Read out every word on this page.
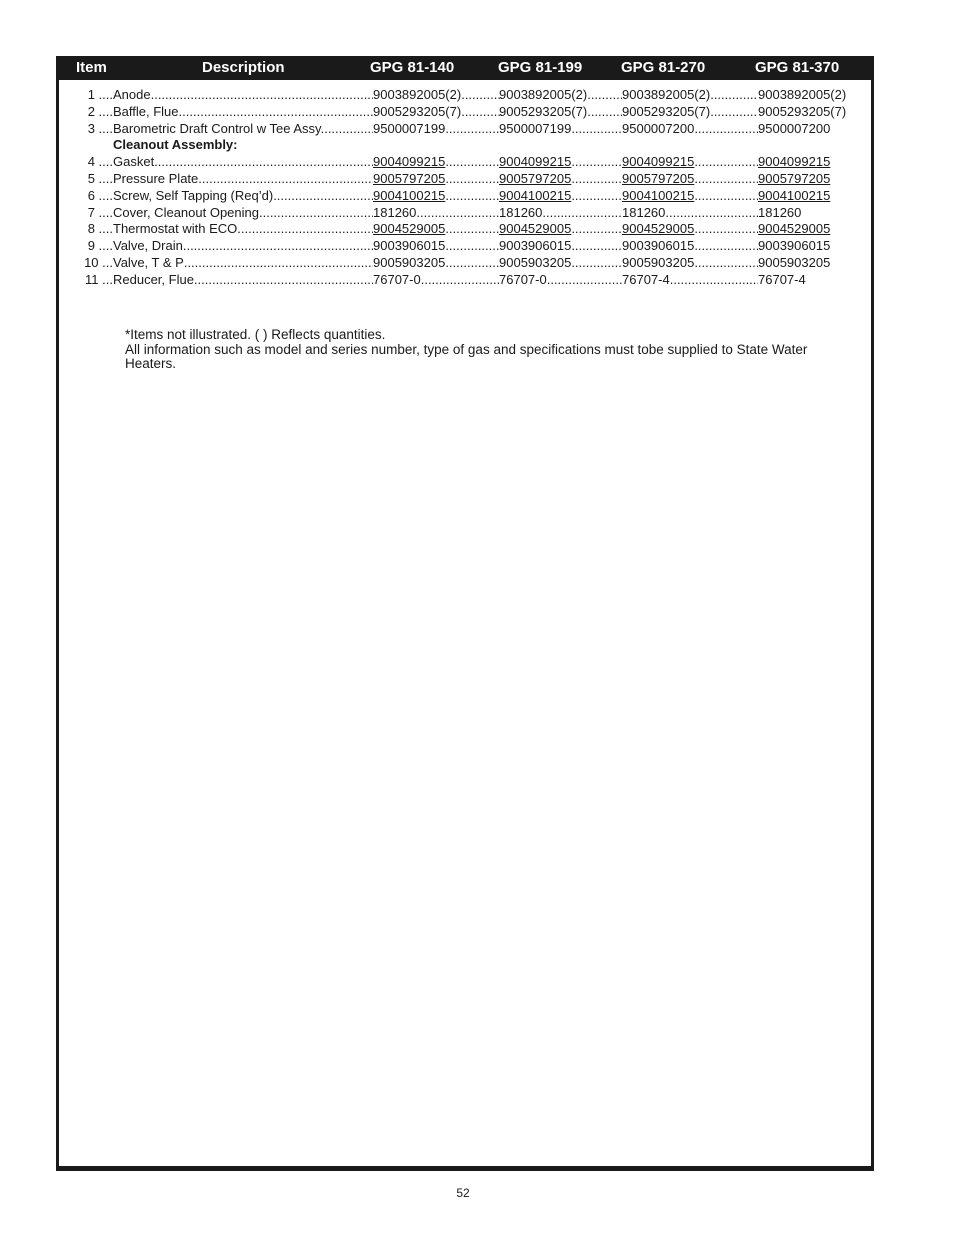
Item	Description	GPG 81-140	GPG 81-199	GPG 81-270	GPG 81-370
1 .... Anode .....	9003892005(2) .....	9003892005(2) .....	9003892005(2) .....	9003892005(2)
2 .... Baffle, Flue .....	9005293205(7) .....	9005293205(7) .....	9005293205(7) .....	9005293205(7)
3 .... Barometric Draft Control w Tee Assy. .....	9500007199 .....	9500007199 .....	9500007200 .....	9500007200
Cleanout Assembly:
4 .... Gasket .....	9004099215 .....	9004099215 .....	9004099215 .....	9004099215
5 .... Pressure Plate .....	9005797205 .....	9005797205 .....	9005797205 .....	9005797205
6 .... Screw, Self Tapping (Req’d) .....	9004100215 .....	9004100215 .....	9004100215 .....	9004100215
7 .... Cover, Cleanout Opening .....	181260 .....	181260 .....	181260 .....	181260
8 .... Thermostat with ECO .....	9004529005 .....	9004529005 .....	9004529005 .....	9004529005
9 .... Valve, Drain .....	9003906015 .....	9003906015 .....	9003906015 .....	9003906015
10 ... Valve, T & P .....	9005903205 .....	9005903205 .....	9005903205 .....	9005903205
11 ... Reducer, Flue .....	76707-0 .....	76707-0 .....	76707-4 .....	76707-4

*Items not illustrated. ( ) Reflects quantities.

All information such as model and series number, type of gas and specifications must tobe supplied to State Water Heaters.

52
